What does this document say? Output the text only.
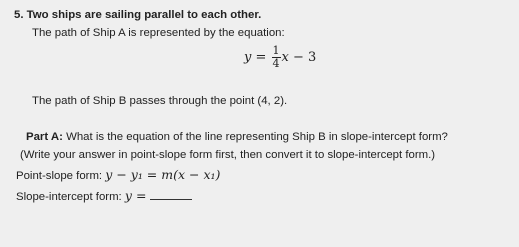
5. Two ships are sailing parallel to each other.
The path of Ship A is represented by the equation:
$y = \frac{1}{4}$ x − 3
The path of Ship B passes through the point (4, 2).
Part A: What is the equation of the line representing Ship B in slope-intercept form?
(Write your answer in point-slope form first, then convert it to slope-intercept form.)
Point-slope form: y − y₁ = m(x − x₁)
Slope-intercept form: y =
